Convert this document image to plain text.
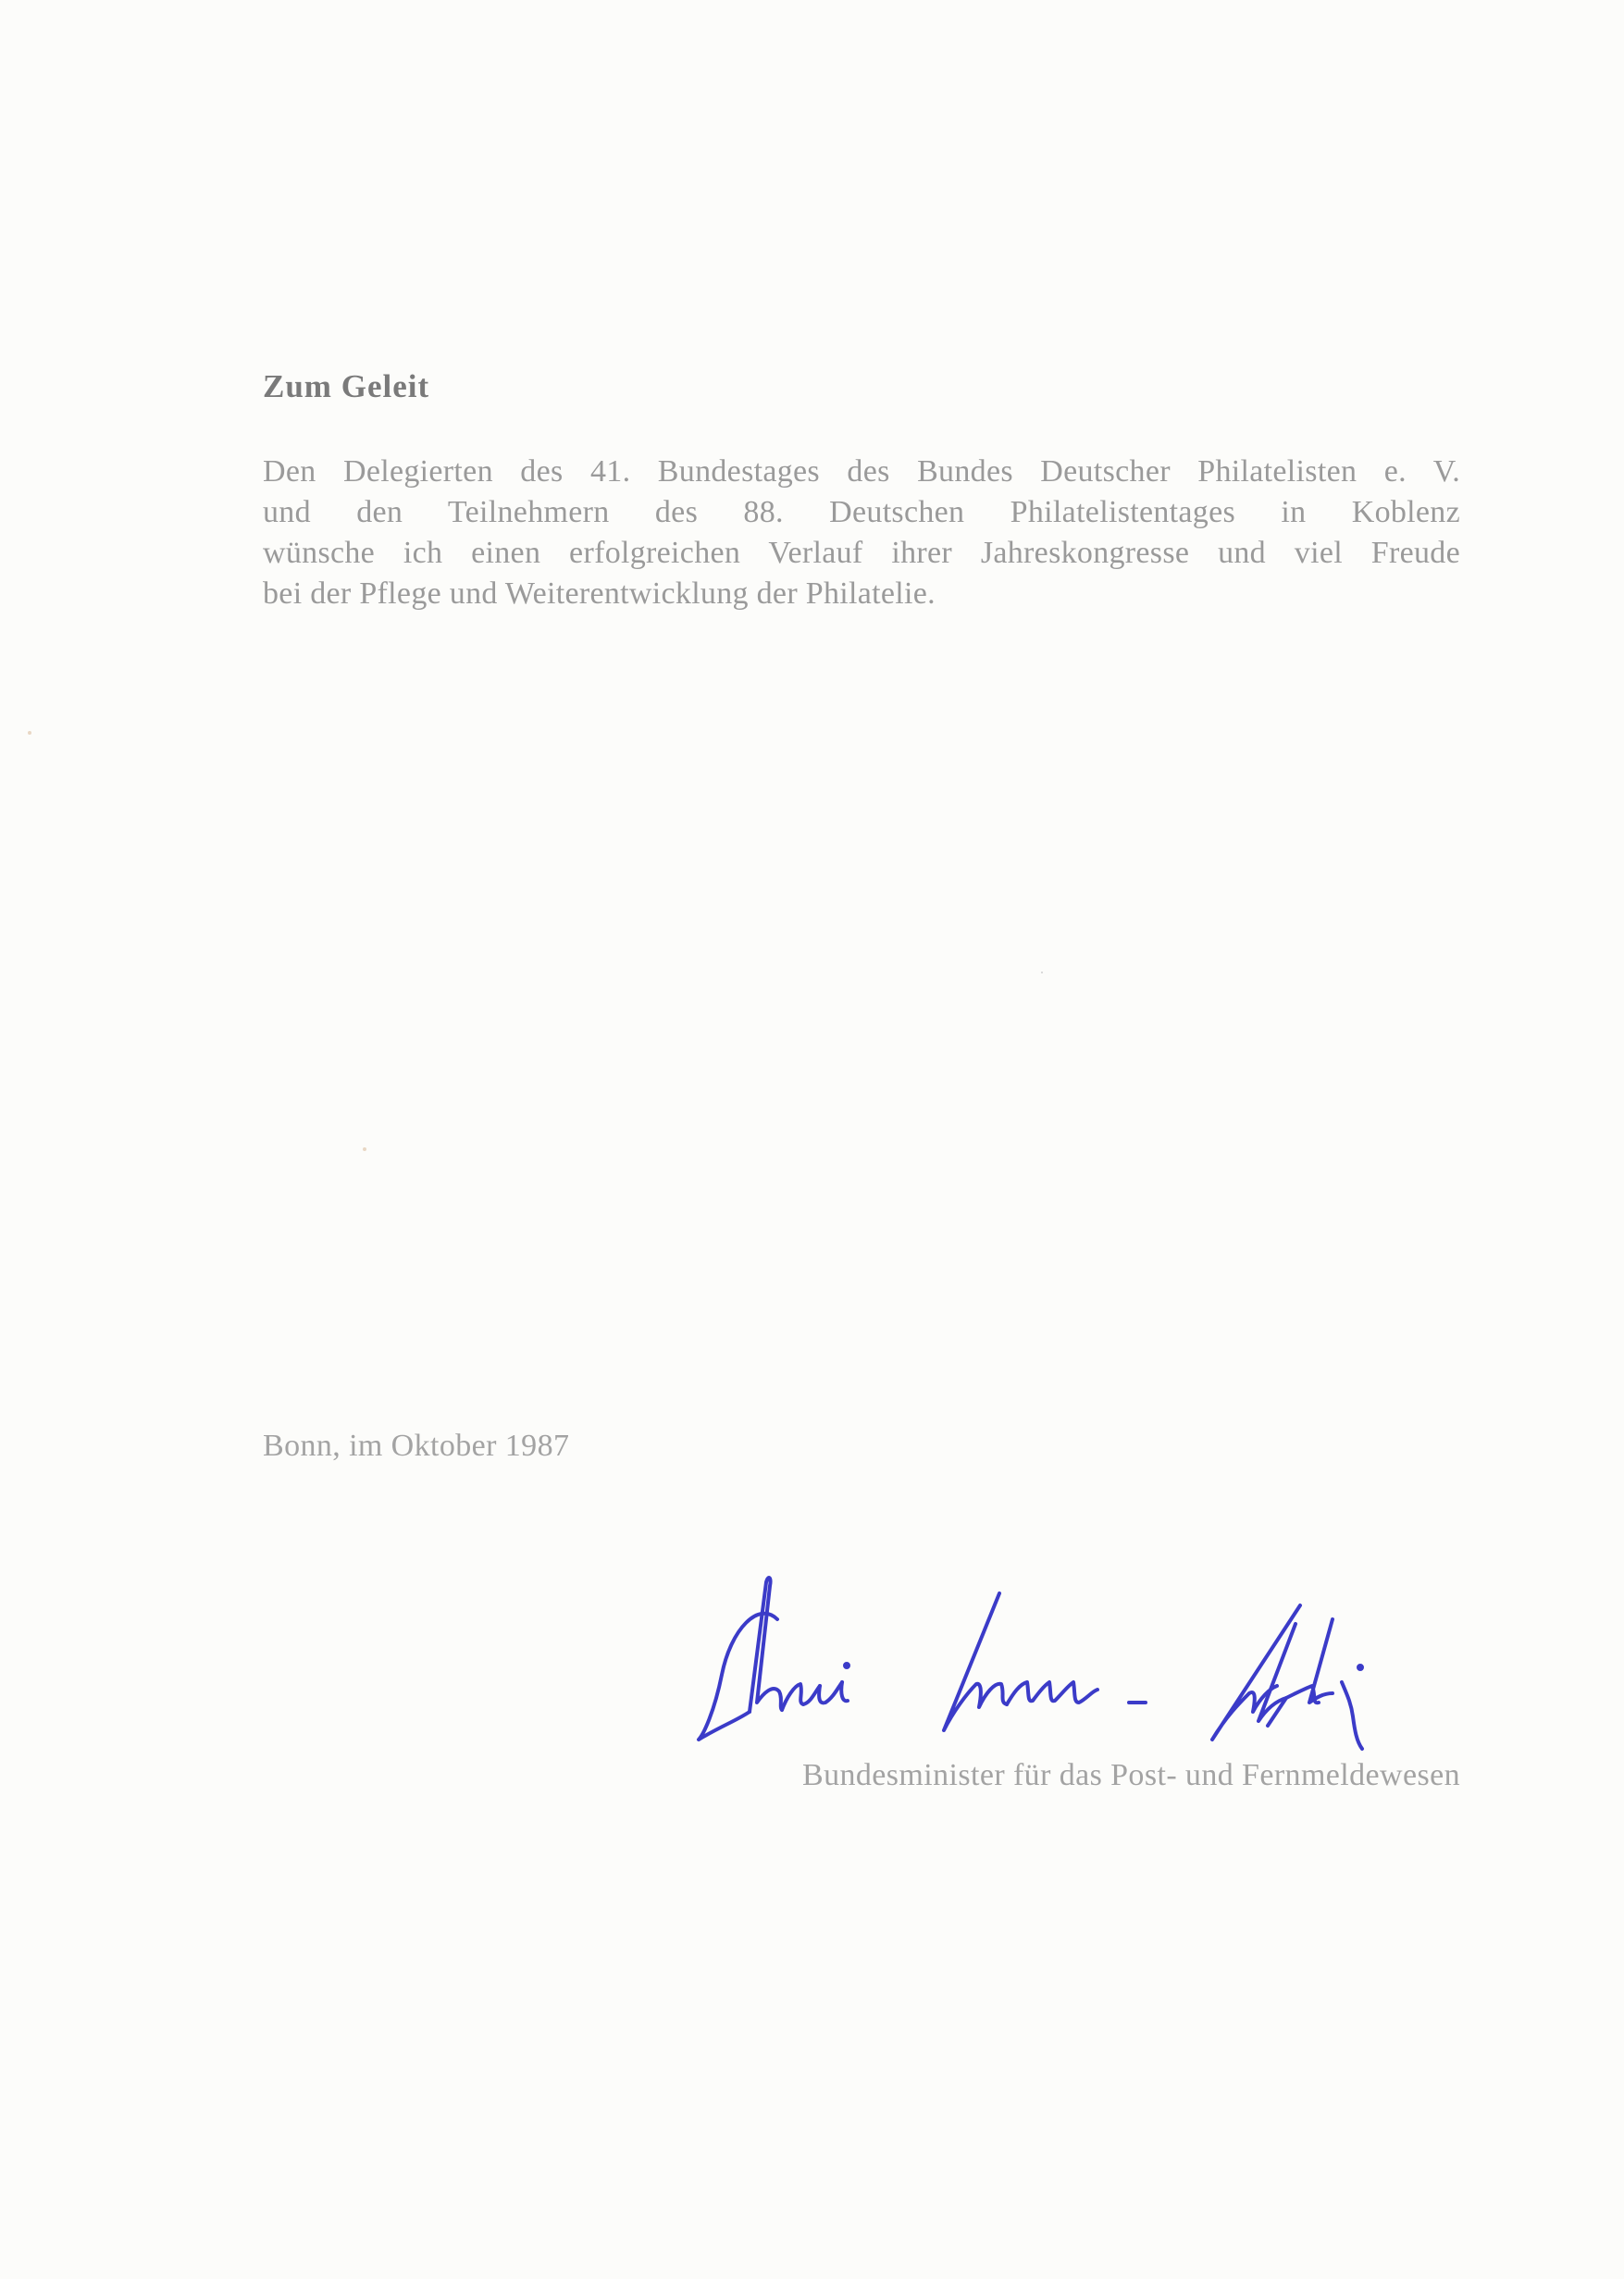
Zum Geleit
Den Delegierten des 41. Bundestages des Bundes Deutscher Philatelisten e. V.
und den Teilnehmern des 88. Deutschen Philatelistentages in Koblenz
wünsche ich einen erfolgreichen Verlauf ihrer Jahreskongresse und viel Freude
bei der Pflege und Weiterentwicklung der Philatelie.
Bonn, im Oktober 1987
Bundesminister für das Post- und Fernmeldewesen
